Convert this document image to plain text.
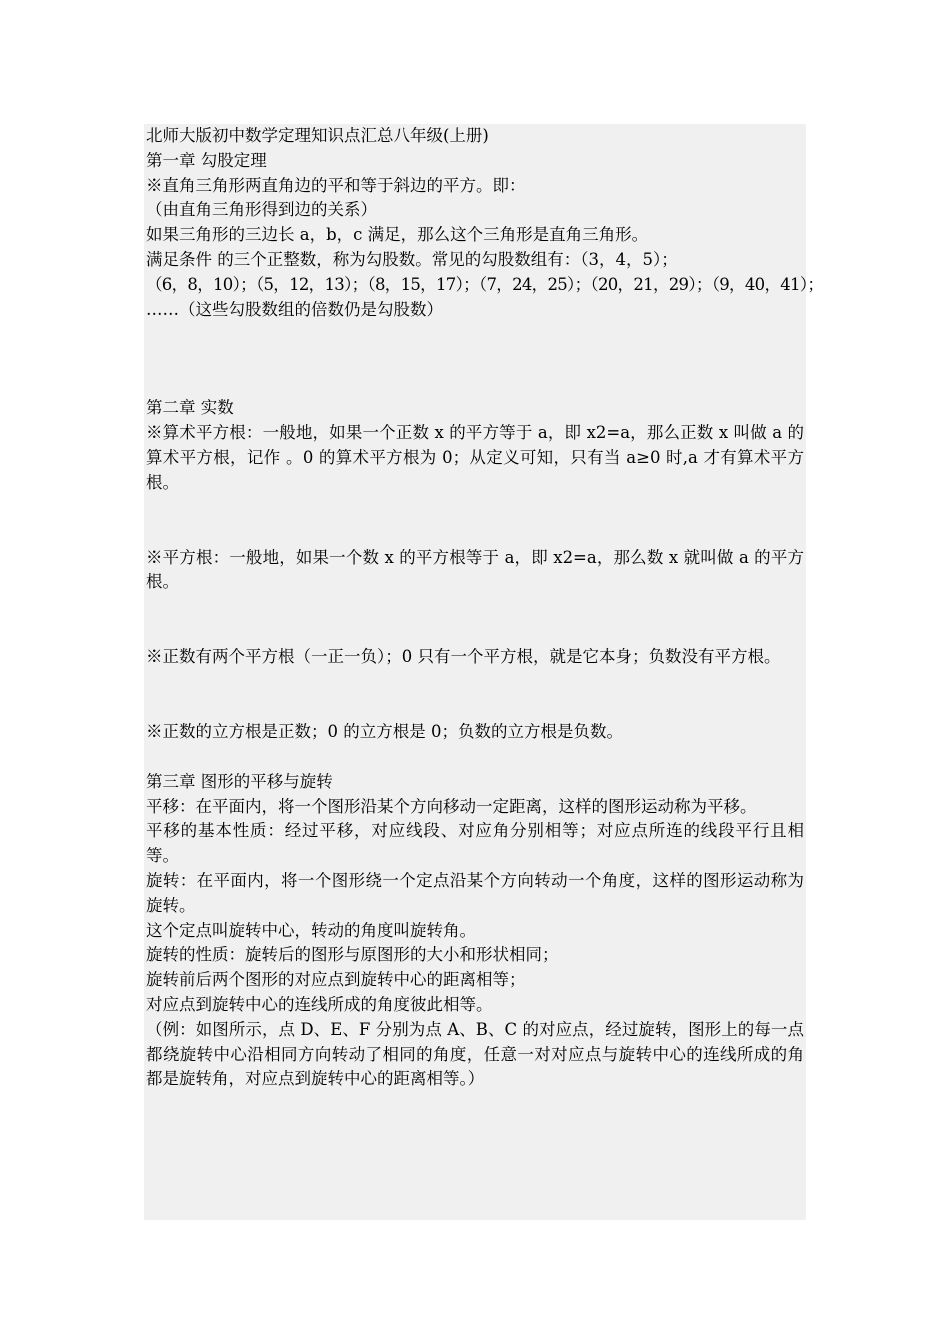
北师大版初中数学定理知识点汇总八年级(上册)

第一章 勾股定理

※直角三角形两直角边的平和等于斜边的平方。即：

（由直角三角形得到边的关系）

如果三角形的三边长 a，b，c 满足，那么这个三角形是直角三角形。

满足条件 的三个正整数，称为勾股数。常见的勾股数组有：（3，4，5）；

（6，8，10）；（5，12，13）；（8，15，17）；（7，24，25）；（20，21，29）；（9，40，41）；

……（这些勾股数组的倍数仍是勾股数）

第二章 实数

※算术平方根：一般地，如果一个正数 x 的平方等于 a，即 x2=a，那么正数 x 叫做 a 的算术平方根，记作 。0 的算术平方根为 0；从定义可知，只有当 a≥0 时,a 才有算术平方根。

※平方根：一般地，如果一个数 x 的平方根等于 a，即 x2=a，那么数 x 就叫做 a 的平方根。

※正数有两个平方根（一正一负）；0 只有一个平方根，就是它本身；负数没有平方根。

※正数的立方根是正数；0 的立方根是 0；负数的立方根是负数。

第三章 图形的平移与旋转

平移：在平面内，将一个图形沿某个方向移动一定距离，这样的图形运动称为平移。

平移的基本性质：经过平移，对应线段、对应角分别相等；对应点所连的线段平行且相等。

旋转：在平面内，将一个图形绕一个定点沿某个方向转动一个角度，这样的图形运动称为旋转。

这个定点叫旋转中心，转动的角度叫旋转角。

旋转的性质：旋转后的图形与原图形的大小和形状相同；

旋转前后两个图形的对应点到旋转中心的距离相等；

对应点到旋转中心的连线所成的角度彼此相等。

（例：如图所示，点 D、E、F 分别为点 A、B、C 的对应点，经过旋转，图形上的每一点都绕旋转中心沿相同方向转动了相同的角度，任意一对对应点与旋转中心的连线所成的角都是旋转角，对应点到旋转中心的距离相等。）
